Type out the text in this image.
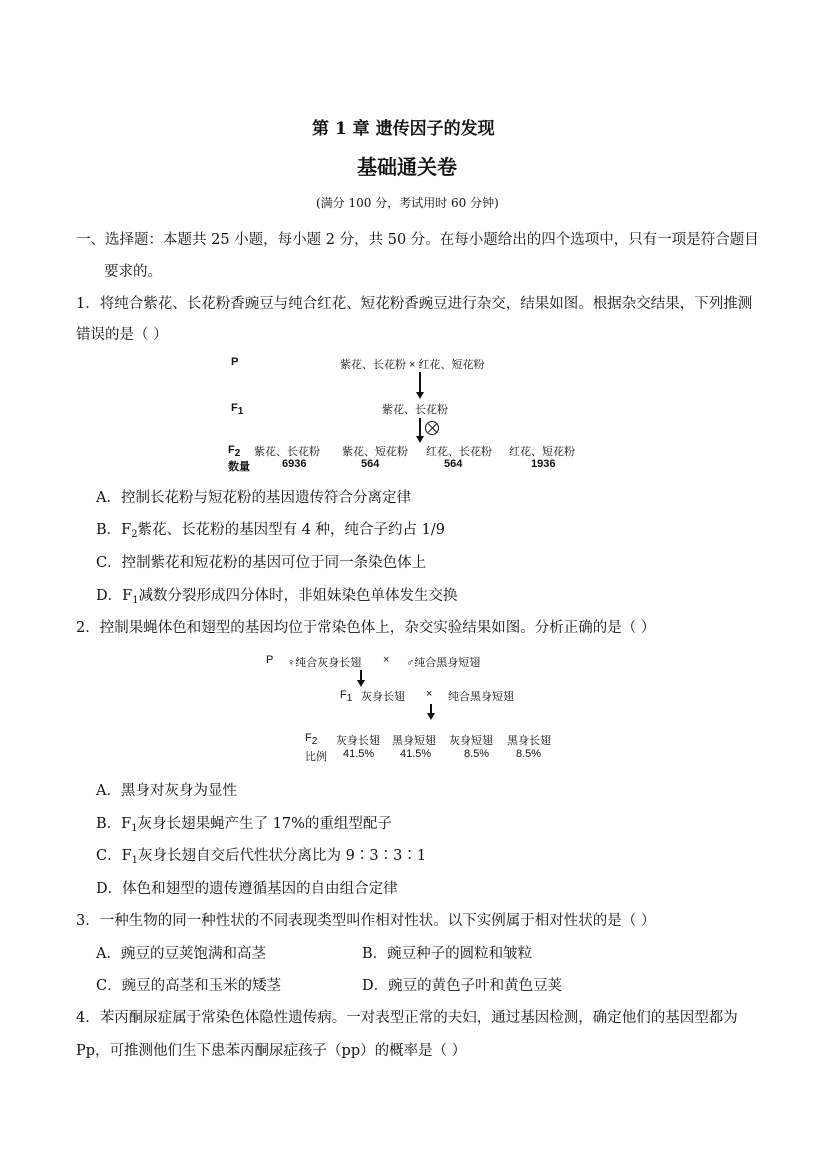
第 1 章 遗传因子的发现
基础通关卷
(满分 100 分，考试用时 60 分钟)
一、选择题：本题共 25 小题，每小题 2 分，共 50 分。在每小题给出的四个选项中，只有一项是符合题目
要求的。
1．将纯合紫花、长花粉香豌豆与纯合红花、短花粉香豌豆进行杂交，结果如图。根据杂交结果，下列推测
错误的是（ ）
P	紫花、长花粉 × 红花、短花粉
$F_1$	紫花、长花粉
$F_2$ 紫花、长花粉 紫花、短花粉 红花、长花粉 红花、短花粉
数量	6936	564	564	1936
A．控制长花粉与短花粉的基因遗传符合分离定律
B．$F_2$紫花、长花粉的基因型有 4 种，纯合子约占 1/9
C．控制紫花和短花粉的基因可位于同一条染色体上
D．$F_1$减数分裂形成四分体时，非姐妹染色单体发生交换
2．控制果蝇体色和翅型的基因均位于常染色体上，杂交实验结果如图。分析正确的是（ ）
P ♀纯合灰身长翅 × ♂纯合黑身短翅
$F_1$ 灰身长翅 × 纯合黑身短翅
$F_2$ 灰身长翅 黑身短翅 灰身短翅 黑身长翅
比例 41.5% 41.5%	8.5% 8.5%
A．黑身对灰身为显性
B．$F_1$灰身长翅果蝇产生了 17%的重组型配子
C．$F_1$灰身长翅自交后代性状分离比为 9∶3∶3∶1
D．体色和翅型的遗传遵循基因的自由组合定律
3．一种生物的同一种性状的不同表现类型叫作相对性状。以下实例属于相对性状的是（ ）
A．豌豆的豆荚饱满和高茎	B．豌豆种子的圆粒和皱粒
C．豌豆的高茎和玉米的矮茎	D．豌豆的黄色子叶和黄色豆荚
4．苯丙酮尿症属于常染色体隐性遗传病。一对表型正常的夫妇，通过基因检测，确定他们的基因型都为
Pp，可推测他们生下患苯丙酮尿症孩子（pp）的概率是（ ）
